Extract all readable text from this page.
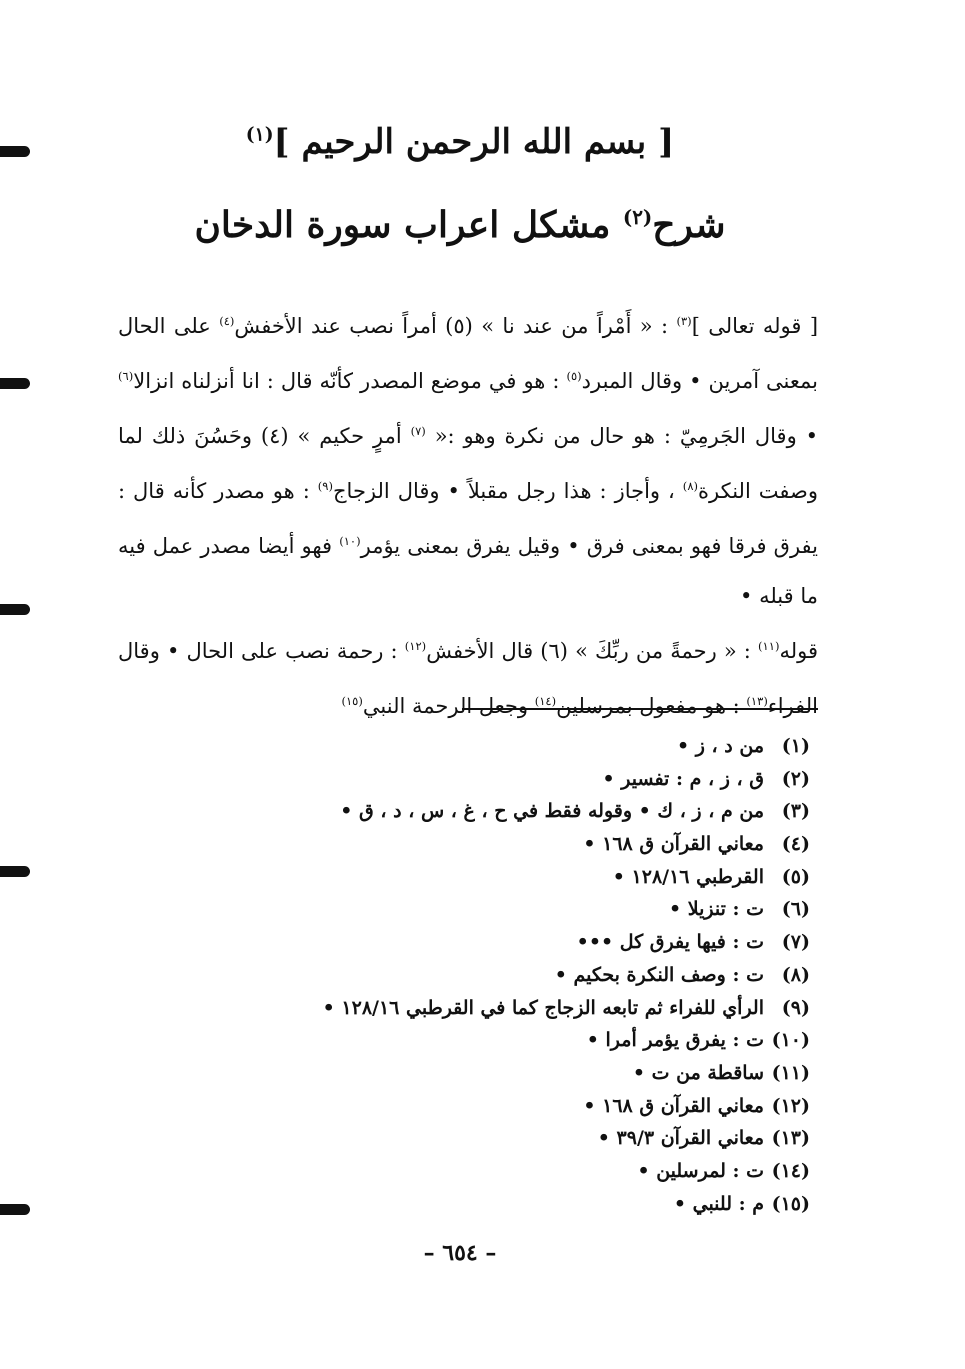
[ بسم الله الرحمن الرحيم ]$^{(١)}$
شرح$^{(٢)}$ مشكل اعراب سورة الدخان

[ قوله تعالى ]$^{(٣)}$ : « أَمْراً من عند نا » (٥) أمراً نصب عند الأخفش$^{(٤)}$ على الحال بمعنى آمرين • وقال المبرد$^{(٥)}$ : هو في موضع المصدر كأنّه قال : انا أنزلناه انزالا$^{(٦)}$ • وقال الجَرمِيّ : هو حال من نكرة وهو :« $^{(٧)}$ أمرٍ حكيم » (٤) وحَسُنَ ذلك لما وصفت النكرة$^{(٨)}$ ، وأجاز : هذا رجل مقبلاً • وقال الزجاج$^{(٩)}$ : هو مصدر كأنه قال : يفرق فرقا فهو بمعنى فرق • وقيل يفرق بمعنى يؤمر$^{(١٠)}$ فهو أيضا مصدر عمل فيه ما قبله •

قوله$^{(١١)}$ : « رحمةً من ربِّكَ » (٦) قال الأخفش$^{(١٢)}$ : رحمة نصب على الحال • وقال الفراء$^{(١٣)}$ : هو مفعول بمرسلين$^{(١٤)}$ وجعل الرحمة النبي$^{(١٥)}$

(١)من د ، ز •
(٢)ق ، ز ، م : تفسير •
(٣)من م ، ز ، ك • وقوله فقط في ح ، غ ، س ، د ، ق •
(٤)معاني القرآن ق ١٦٨ •
(٥)القرطبي ١٢٨/١٦ •
(٦)ت : تنزيلا •
(٧)ت : فيها يفرق كل •••
(٨)ت : وصف النكرة بحكيم •
(٩)الرأي للفراء ثم تابعه الزجاج كما في القرطبي ١٢٨/١٦ •
(١٠)ت : يفرق يؤمر أمرا •
(١١)ساقطة من ت •
(١٢)معاني القرآن ق ١٦٨ •
(١٣)معاني القرآن ٣٩/٣ •
(١٤)ت : لمرسلين •
(١٥)م : للنبي •
– ٦٥٤ –
